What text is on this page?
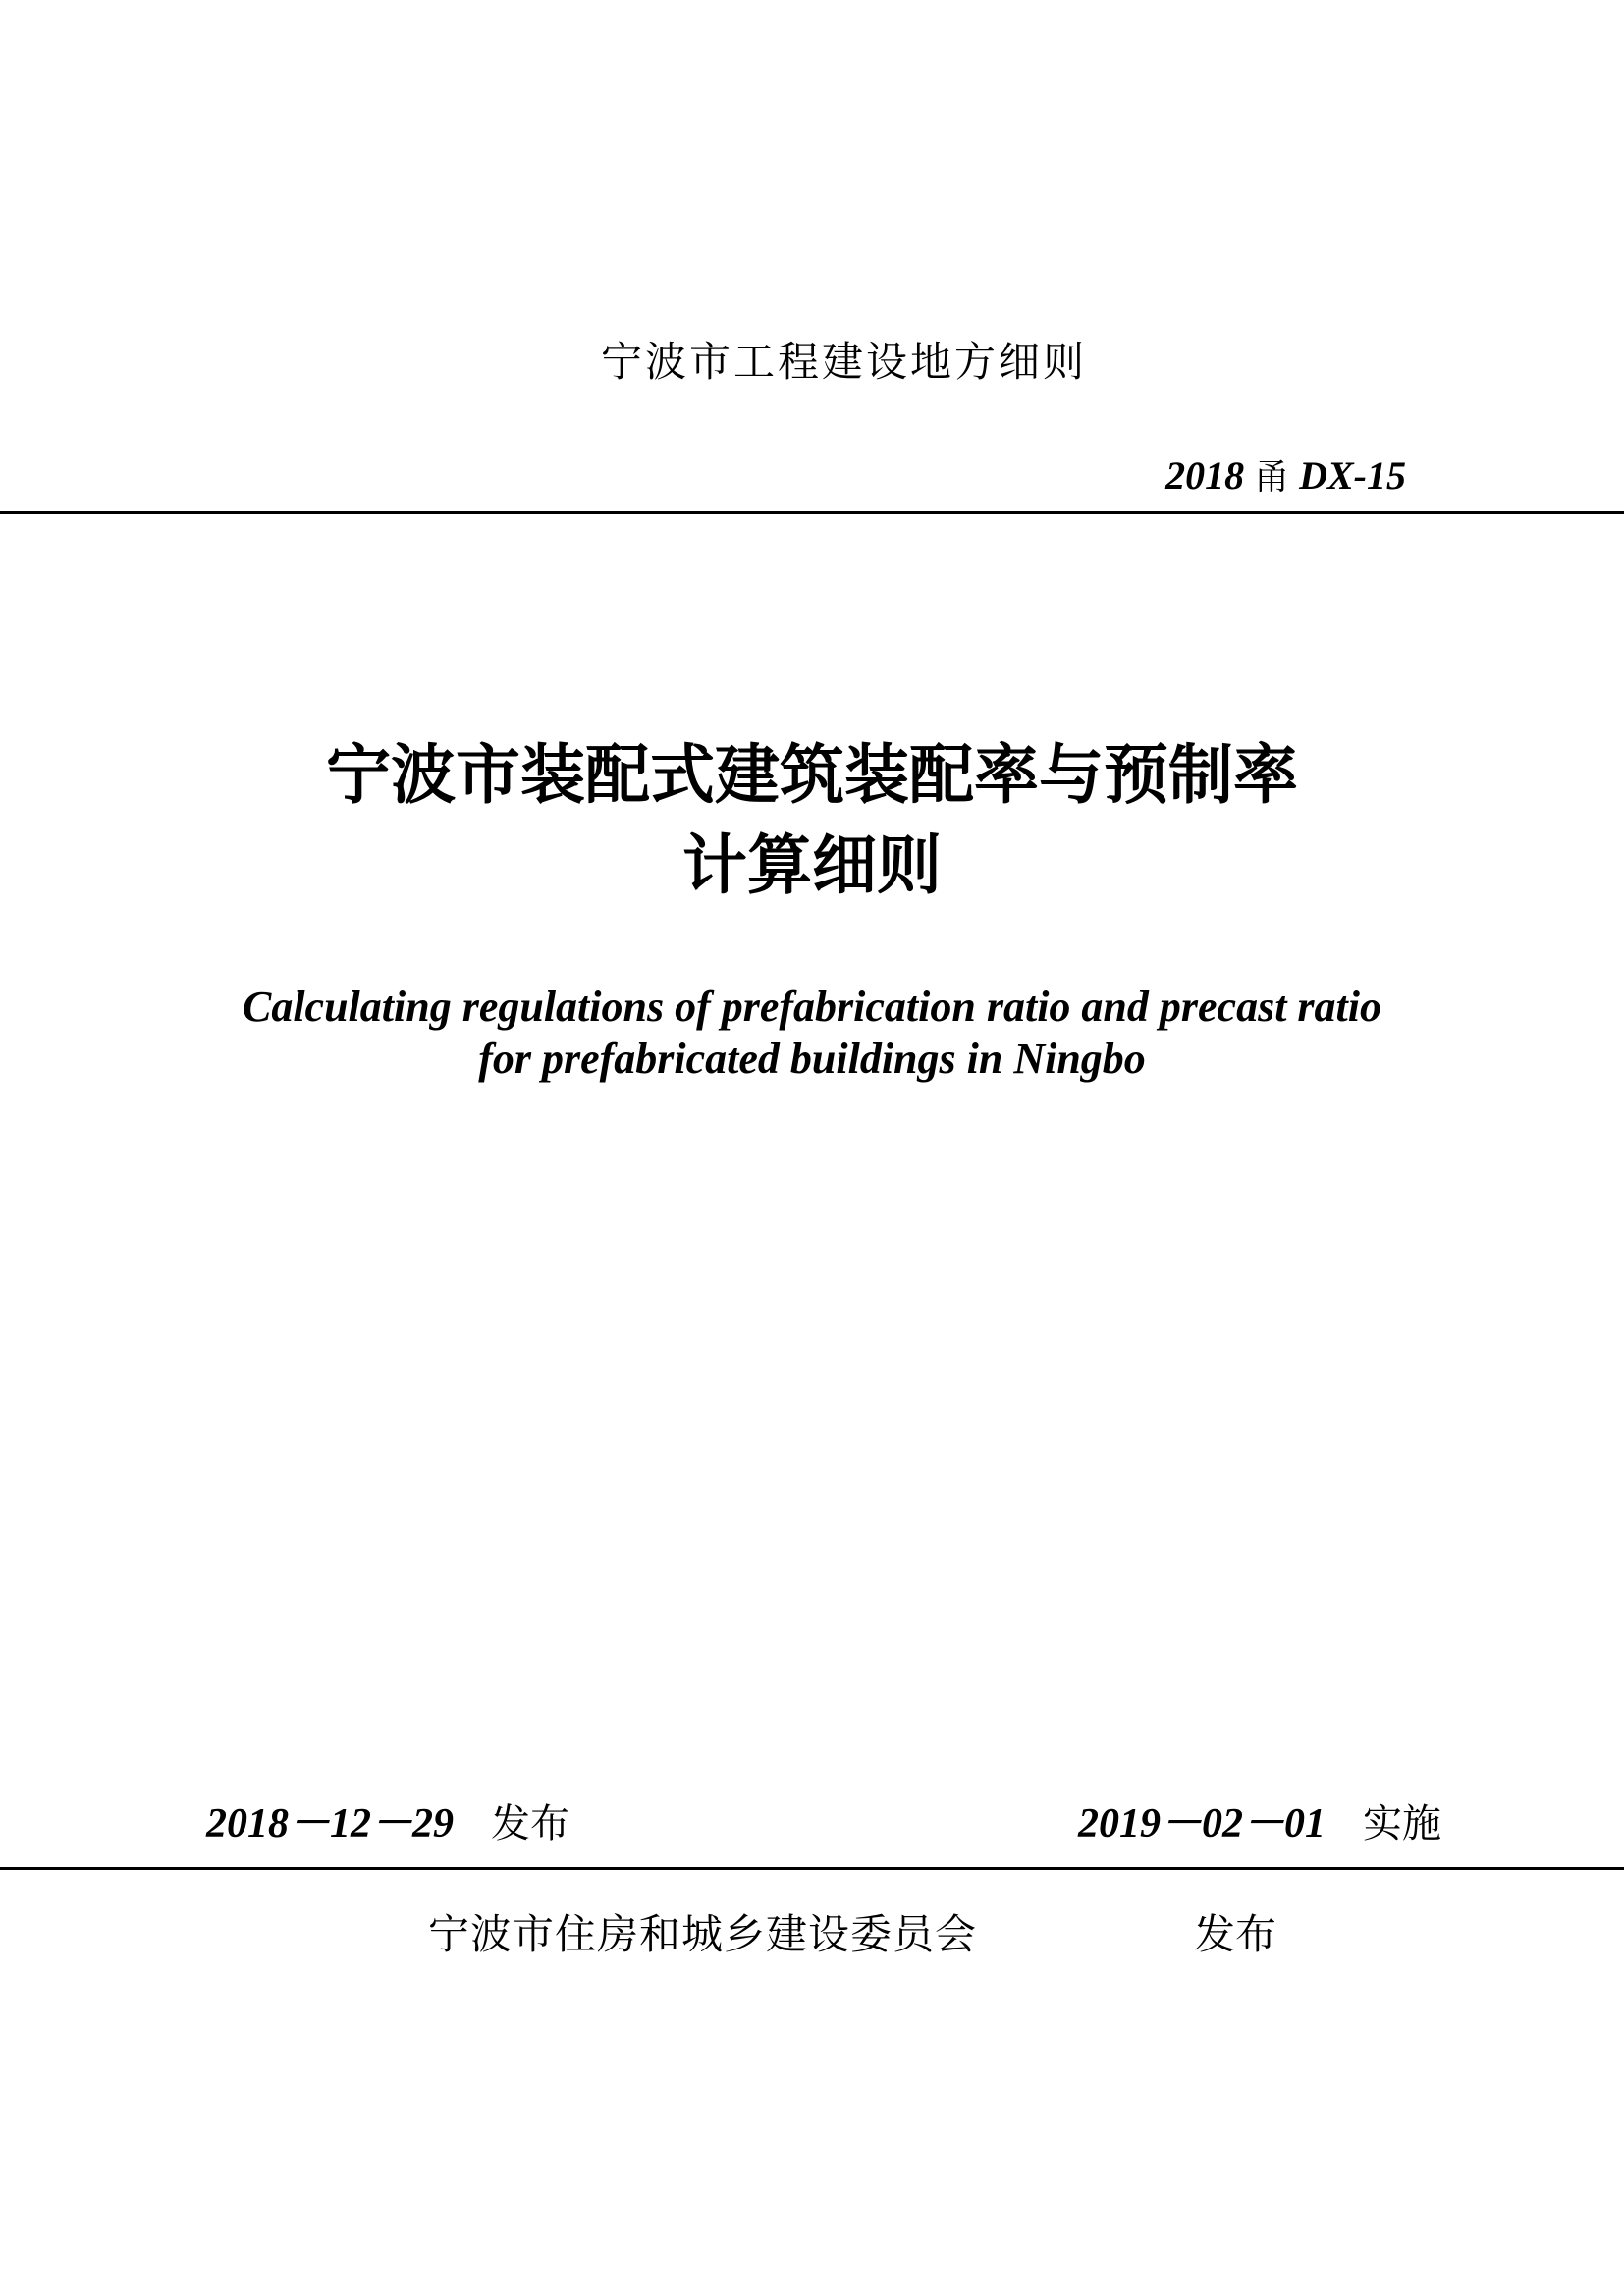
宁波市工程建设地方细则
2018 甬 DX-15
宁波市装配式建筑装配率与预制率
计算细则
Calculating regulations of prefabrication ratio and precast ratio
for prefabricated buildings in Ningbo
2018－12－29 发布	2019－02－01 实施
宁波市住房和城乡建设委员会	发布
